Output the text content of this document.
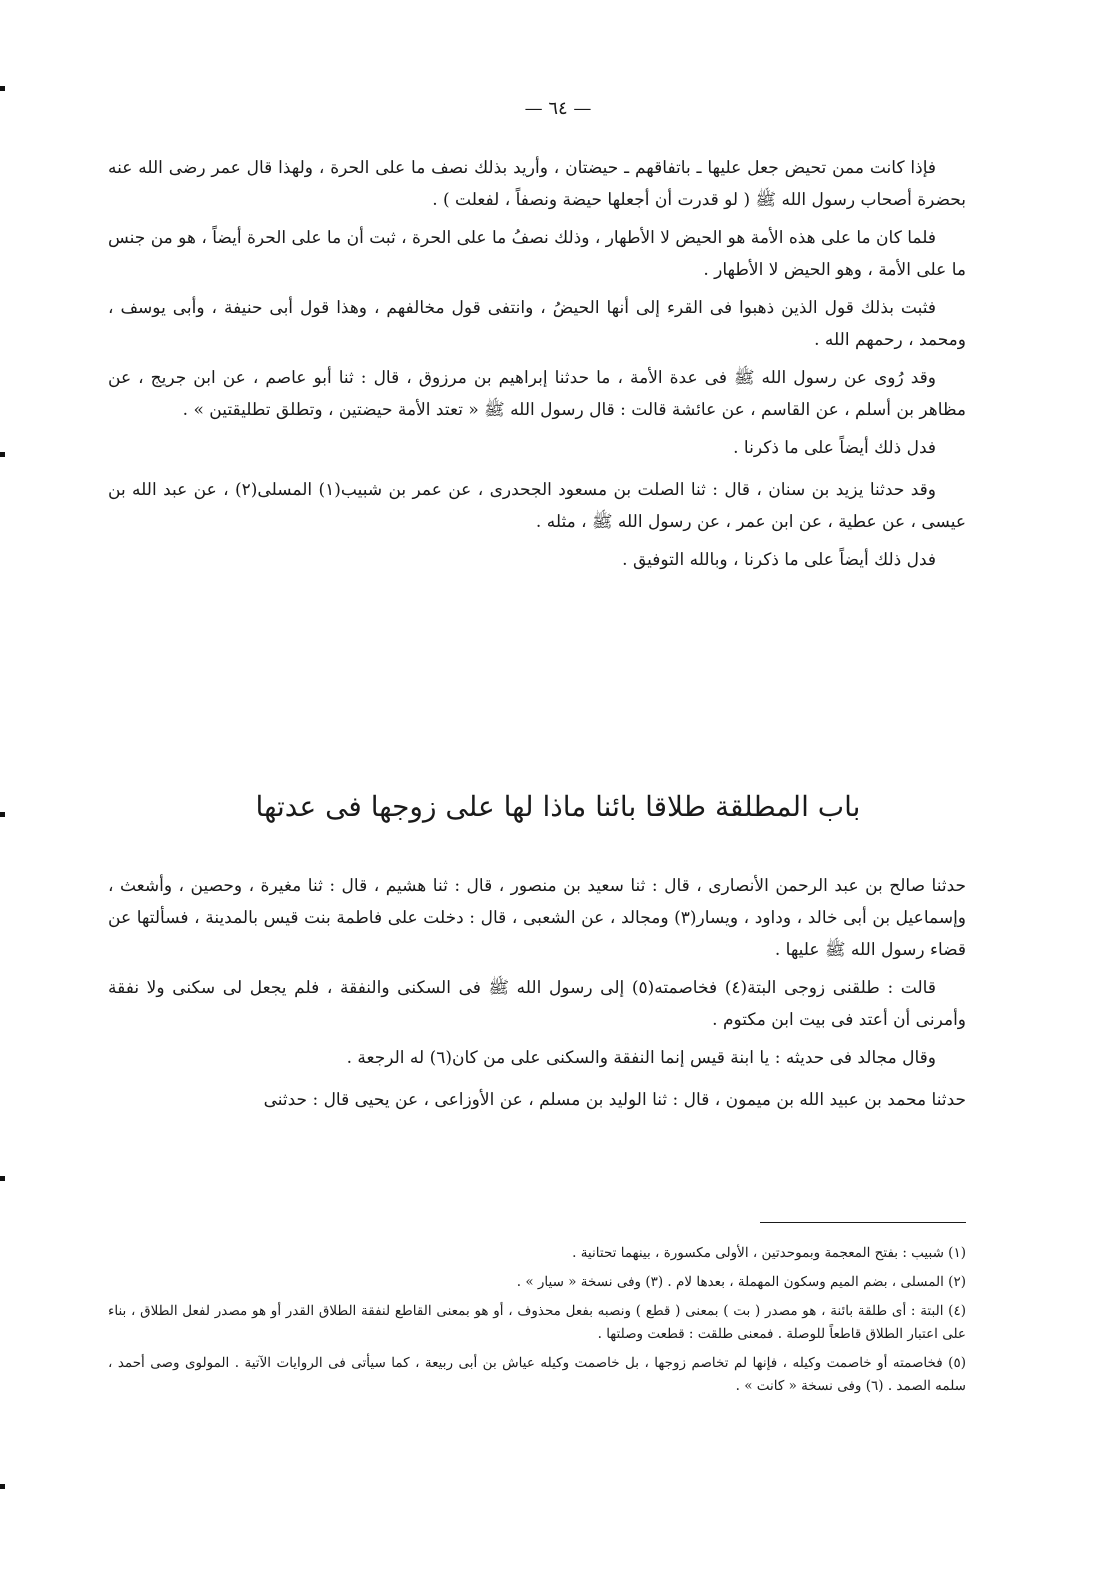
— ٦٤ —

فإذا كانت ممن تحيض جعل عليها ـ باتفاقهم ـ حيضتان ، وأريد بذلك نصف ما على الحرة ، ولهذا قال عمر رضى الله عنه بحضرة أصحاب رسول الله ﷺ ( لو قدرت أن أجعلها حيضة ونصفاً ، لفعلت ) .

فلما كان ما على هذه الأمة هو الحيض لا الأطهار ، وذلك نصفُ ما على الحرة ، ثبت أن ما على الحرة أيضاً ، هو من جنس ما على الأمة ، وهو الحيض لا الأطهار .

فثبت بذلك قول الذين ذهبوا فى القرء إلى أنها الحيضُ ، وانتفى قول مخالفهم ، وهذا قول أبى حنيفة ، وأبى يوسف ، ومحمد ، رحمهم الله .

وقد رُوى عن رسول الله ﷺ فى عدة الأمة ، ما حدثنا إبراهيم بن مرزوق ، قال : ثنا أبو عاصم ، عن ابن جريج ، عن مظاهر بن أسلم ، عن القاسم ، عن عائشة قالت : قال رسول الله ﷺ « تعتد الأمة حيضتين ، وتطلق تطليقتين » .

فدل ذلك أيضاً على ما ذكرنا .

وقد حدثنا يزيد بن سنان ، قال : ثنا الصلت بن مسعود الجحدرى ، عن عمر بن شبيب(١) المسلى(٢) ، عن عبد الله بن عيسى ، عن عطية ، عن ابن عمر ، عن رسول الله ﷺ ، مثله .

فدل ذلك أيضاً على ما ذكرنا ، وبالله التوفيق .

باب المطلقة طلاقا بائنا ماذا لها على زوجها فى عدتها

حدثنا صالح بن عبد الرحمن الأنصارى ، قال : ثنا سعيد بن منصور ، قال : ثنا هشيم ، قال : ثنا مغيرة ، وحصين ، وأشعث ، وإسماعيل بن أبى خالد ، وداود ، ويسار(٣) ومجالد ، عن الشعبى ، قال : دخلت على فاطمة بنت قيس بالمدينة ، فسألتها عن قضاء رسول الله ﷺ عليها .

قالت : طلقنى زوجى البتة(٤) فخاصمته(٥) إلى رسول الله ﷺ فى السكنى والنفقة ، فلم يجعل لى سكنى ولا نفقة وأمرنى أن أعتد فى بيت ابن مكتوم .

وقال مجالد فى حديثه : يا ابنة قيس إنما النفقة والسكنى على من كان(٦) له الرجعة .

حدثنا محمد بن عبيد الله بن ميمون ، قال : ثنا الوليد بن مسلم ، عن الأوزاعى ، عن يحيى قال : حدثنى

(١) شبيب : بفتح المعجمة وبموحدتين ، الأولى مكسورة ، بينهما تحتانية .

(٢) المسلى ، بضم الميم وسكون المهملة ، بعدها لام . (٣) وفى نسخة « سيار » .

(٤) البتة : أى طلقة بائنة ، هو مصدر ( بت ) بمعنى ( قطع ) ونصبه بفعل محذوف ، أو هو بمعنى القاطع لنفقة الطلاق القدر أو هو مصدر لفعل الطلاق ، بناء على اعتبار الطلاق قاطعاً للوصلة . فمعنى طلقت : قطعت وصلتها .

(٥) فخاصمته أو خاصمت وكيله ، فإنها لم تخاصم زوجها ، بل خاصمت وكيله عياش بن أبى ربيعة ، كما سيأتى فى الروايات الآتية . المولوى وصى أحمد ، سلمه الصمد . (٦) وفى نسخة « كانت » .
